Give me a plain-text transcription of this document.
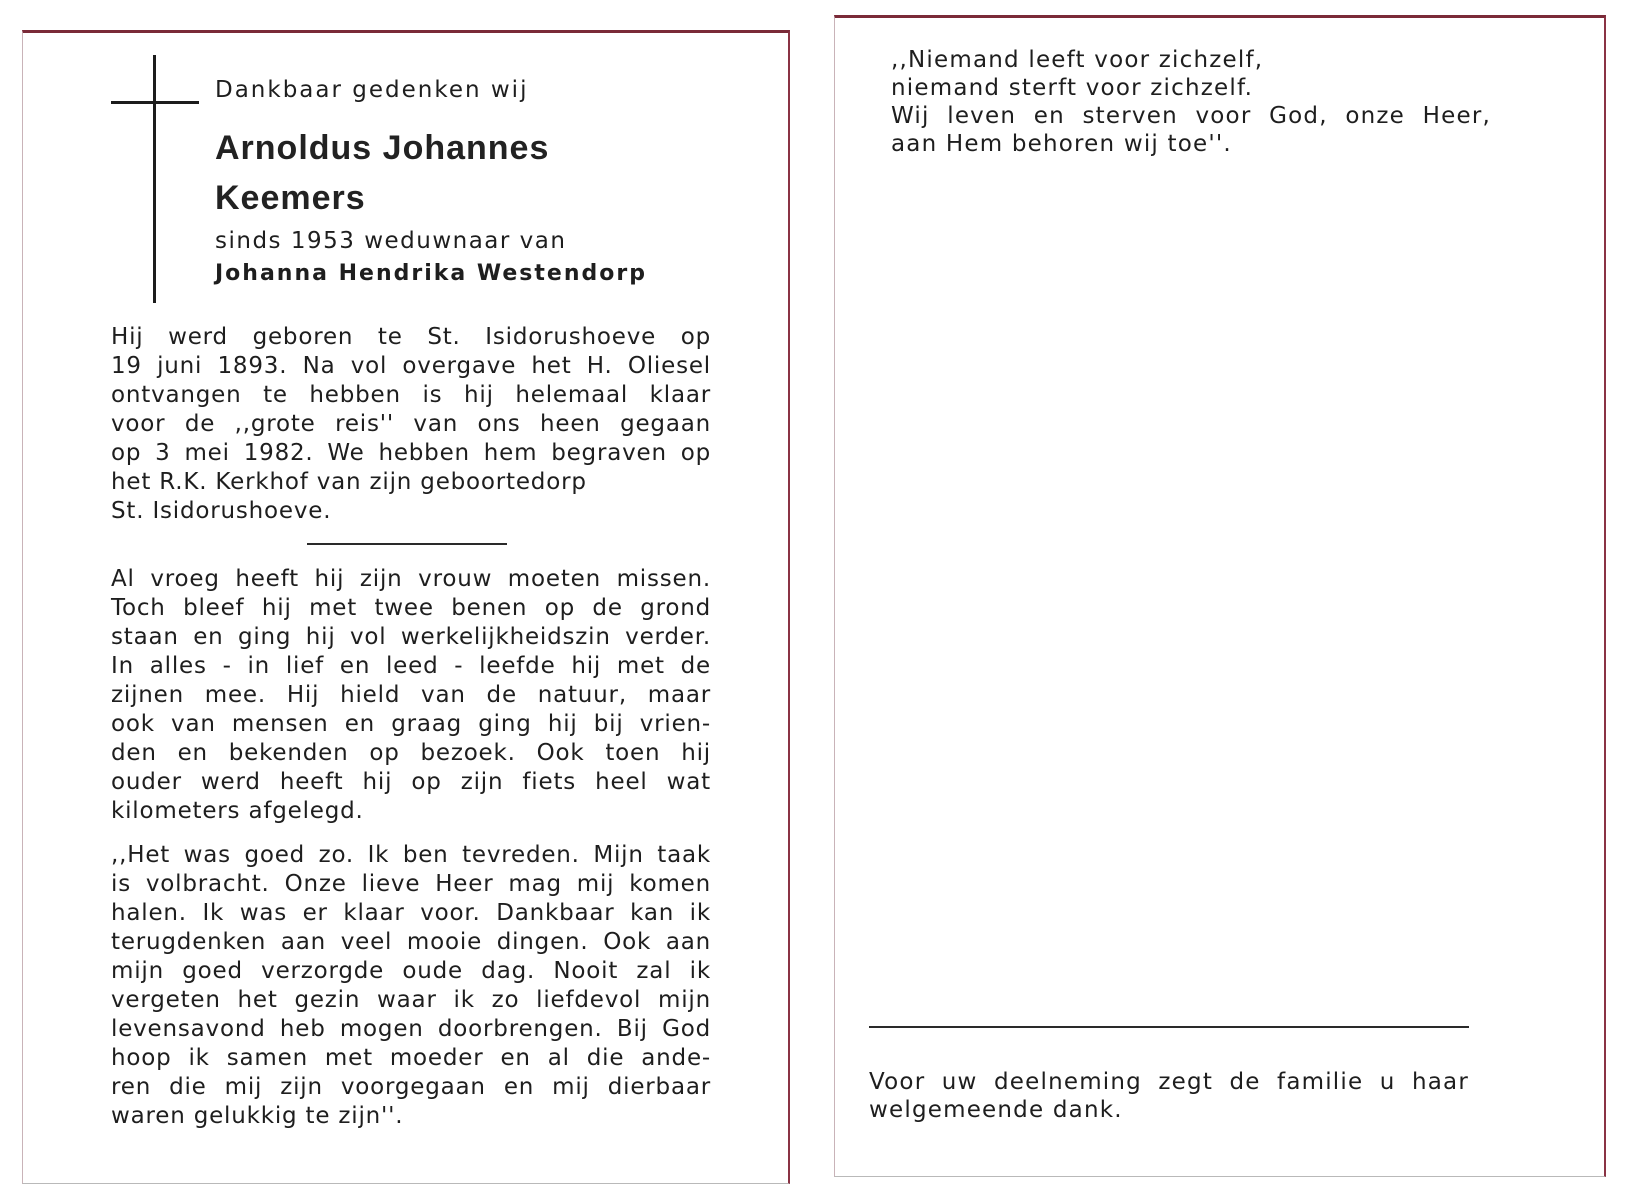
Dankbaar gedenken wij
Arnoldus Johannes
Keemers
sinds 1953 weduwnaar van
Johanna Hendrika Westendorp
Hij werd geboren te St. Isidorushoeve op
19 juni 1893. Na vol overgave het H. Oliesel
ontvangen te hebben is hij helemaal klaar
voor de ,,grote reis'' van ons heen gegaan
op 3 mei 1982. We hebben hem begraven op
het R.K. Kerkhof van zijn geboortedorp
St. Isidorushoeve.
Al vroeg heeft hij zijn vrouw moeten missen.
Toch bleef hij met twee benen op de grond
staan en ging hij vol werkelijkheidszin verder.
In alles - in lief en leed - leefde hij met de
zijnen mee. Hij hield van de natuur, maar
ook van mensen en graag ging hij bij vrien-
den en bekenden op bezoek. Ook toen hij
ouder werd heeft hij op zijn fiets heel wat
kilometers afgelegd.
,,Het was goed zo. Ik ben tevreden. Mijn taak
is volbracht. Onze lieve Heer mag mij komen
halen. Ik was er klaar voor. Dankbaar kan ik
terugdenken aan veel mooie dingen. Ook aan
mijn goed verzorgde oude dag. Nooit zal ik
vergeten het gezin waar ik zo liefdevol mijn
levensavond heb mogen doorbrengen. Bij God
hoop ik samen met moeder en al die ande-
ren die mij zijn voorgegaan en mij dierbaar
waren gelukkig te zijn''.
,,Niemand leeft voor zichzelf,
niemand sterft voor zichzelf.
Wij leven en sterven voor God, onze Heer,
aan Hem behoren wij toe''.
Voor uw deelneming zegt de familie u haar
welgemeende dank.
